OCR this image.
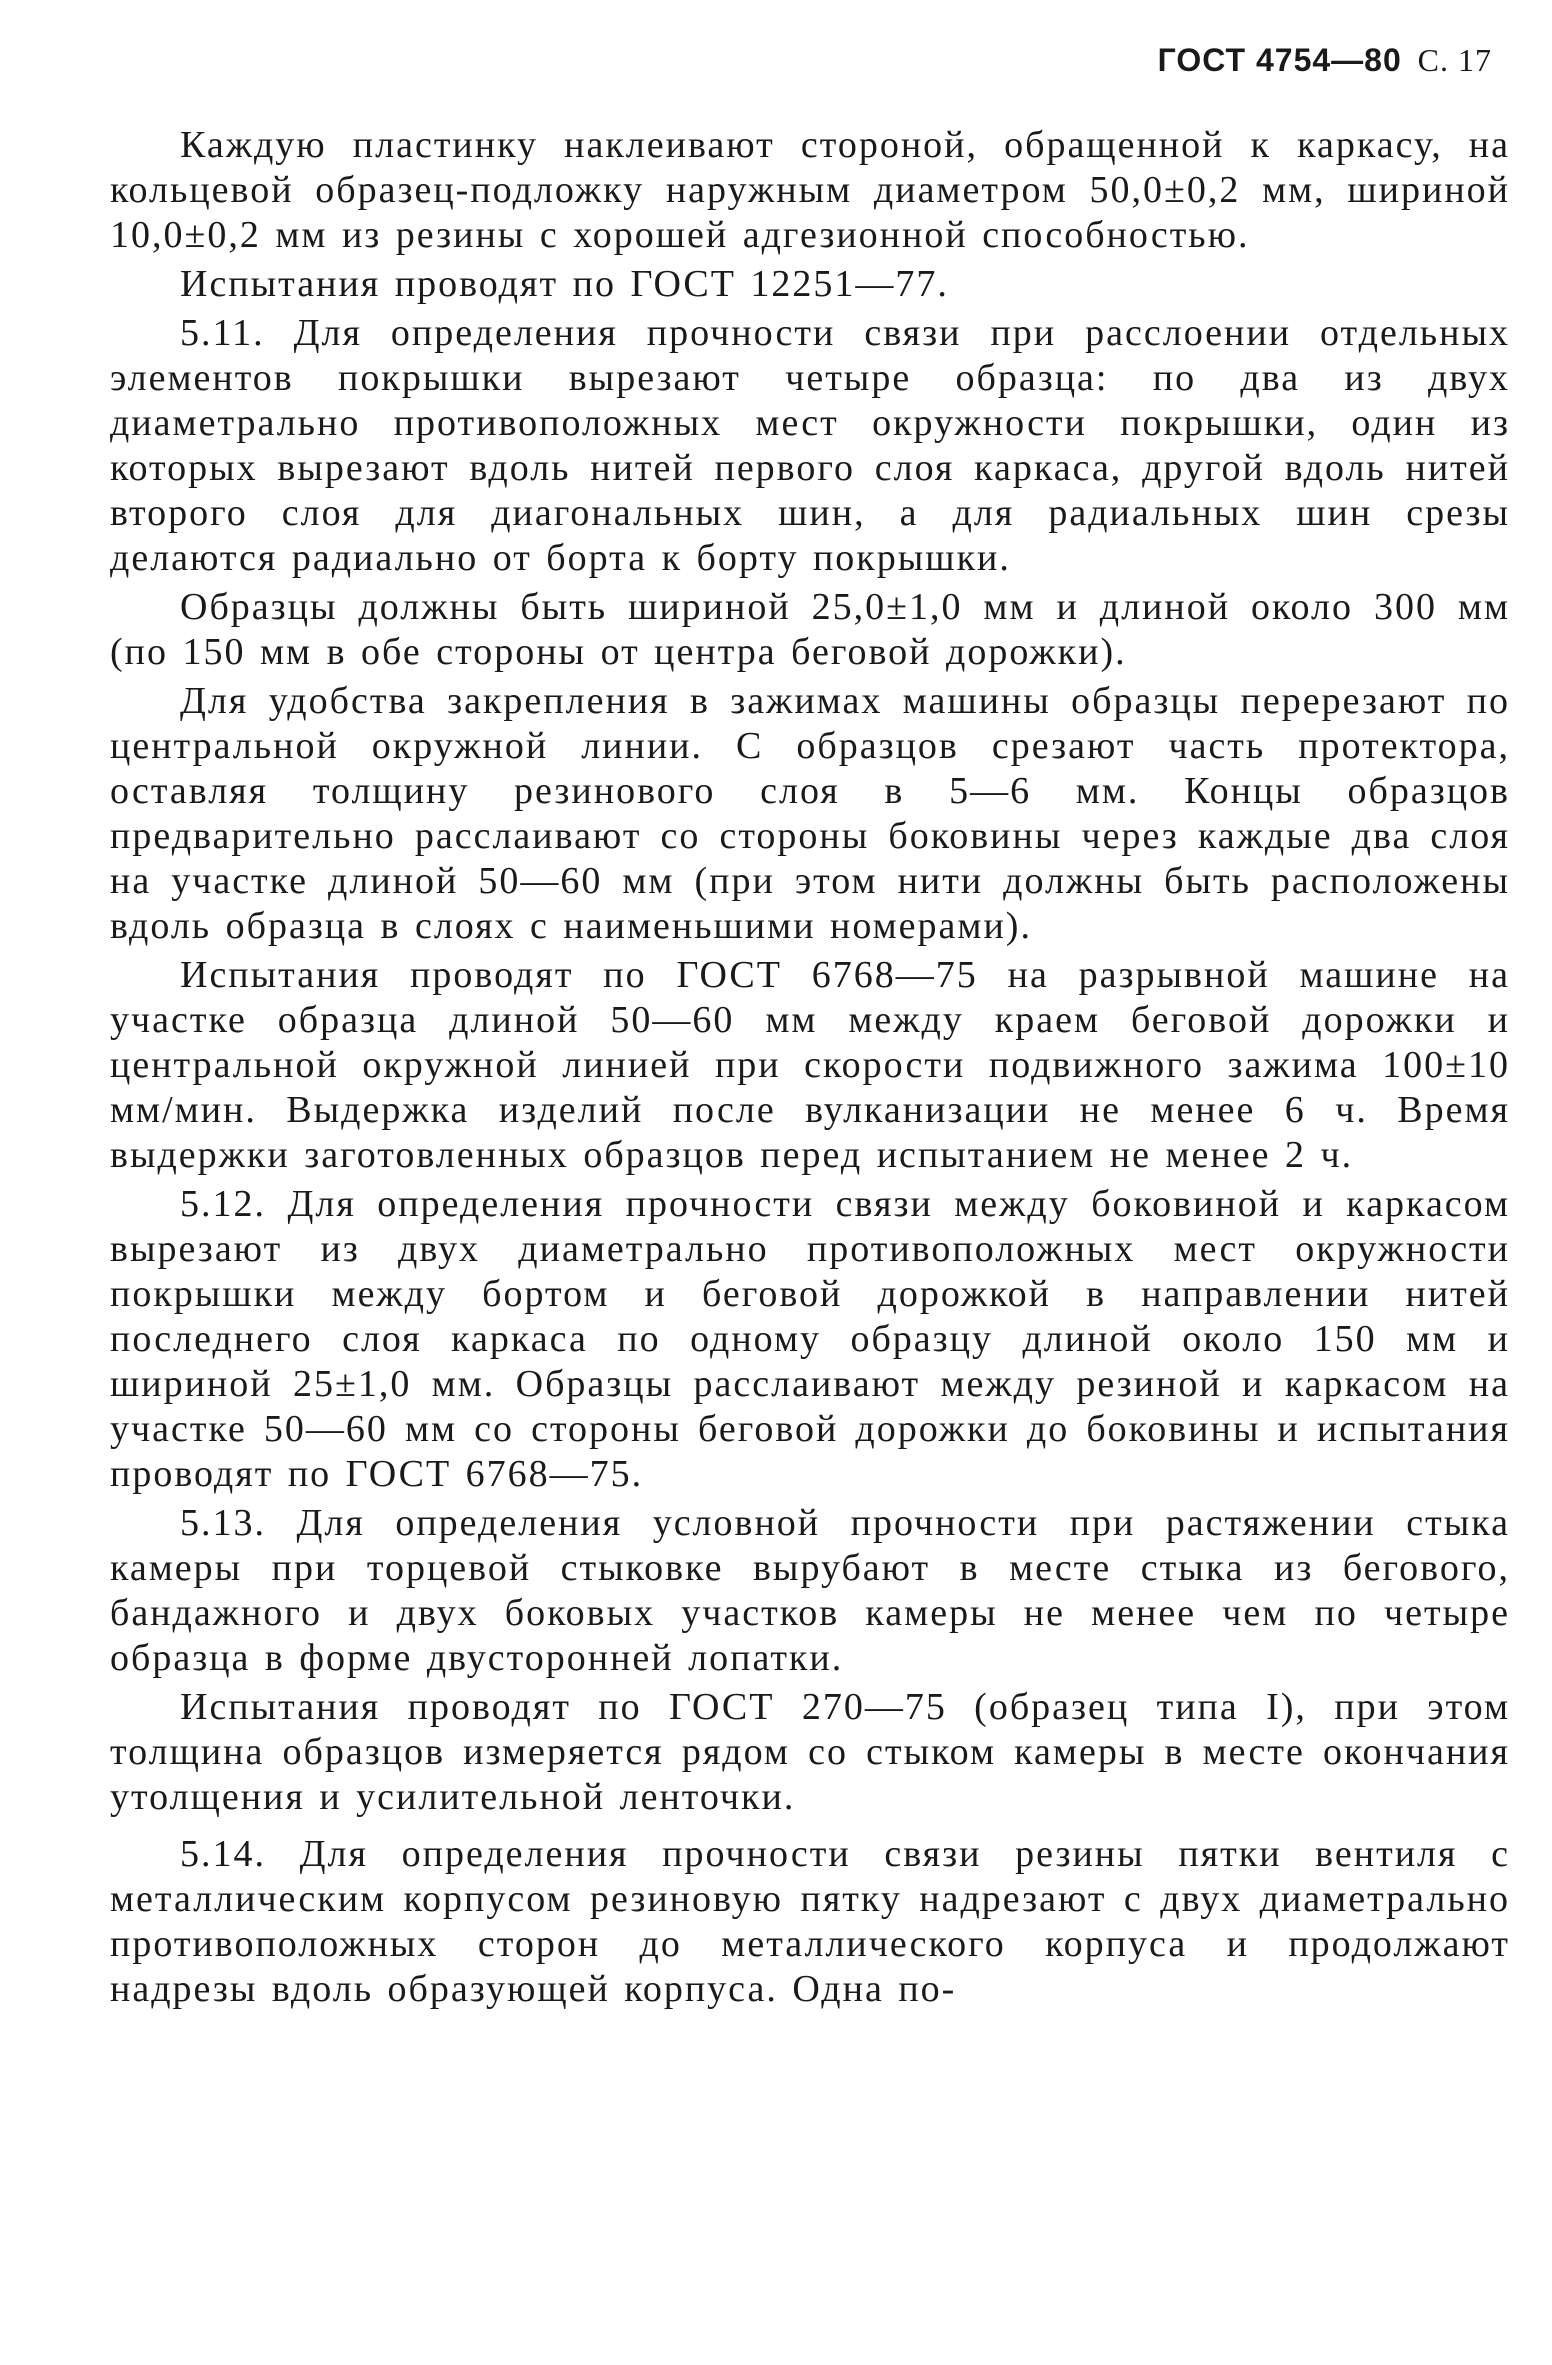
ГОСТ 4754—80 С. 17

Каждую пластинку наклеивают стороной, обращенной к каркасу, на кольцевой образец-подложку наружным диаметром 50,0±0,2 мм, шириной 10,0±0,2 мм из резины с хорошей адгезионной способностью.

Испытания проводят по ГОСТ 12251—77.

5.11. Для определения прочности связи при расслоении отдельных элементов покрышки вырезают четыре образца: по два из двух диаметрально противоположных мест окружности покрышки, один из которых вырезают вдоль нитей первого слоя каркаса, другой вдоль нитей второго слоя для диагональных шин, а для радиальных шин срезы делаются радиально от борта к борту покрышки.

Образцы должны быть шириной 25,0±1,0 мм и длиной около 300 мм (по 150 мм в обе стороны от центра беговой дорожки).

Для удобства закрепления в зажимах машины образцы перерезают по центральной окружной линии. С образцов срезают часть протектора, оставляя толщину резинового слоя в 5—6 мм. Концы образцов предварительно расслаивают со стороны боковины через каждые два слоя на участке длиной 50—60 мм (при этом нити должны быть расположены вдоль образца в слоях с наименьшими номерами).

Испытания проводят по ГОСТ 6768—75 на разрывной машине на участке образца длиной 50—60 мм между краем беговой дорожки и центральной окружной линией при скорости подвижного зажима 100±10 мм/мин. Выдержка изделий после вулканизации не менее 6 ч. Время выдержки заготовленных образцов перед испытанием не менее 2 ч.

5.12. Для определения прочности связи между боковиной и каркасом вырезают из двух диаметрально противоположных мест окружности покрышки между бортом и беговой дорожкой в направлении нитей последнего слоя каркаса по одному образцу длиной около 150 мм и шириной 25±1,0 мм. Образцы расслаивают между резиной и каркасом на участке 50—60 мм со стороны беговой дорожки до боковины и испытания проводят по ГОСТ 6768—75.

5.13. Для определения условной прочности при растяжении стыка камеры при торцевой стыковке вырубают в месте стыка из бегового, бандажного и двух боковых участков камеры не менее чем по четыре образца в форме двусторонней лопатки.

Испытания проводят по ГОСТ 270—75 (образец типа I), при этом толщина образцов измеряется рядом со стыком камеры в месте окончания утолщения и усилительной ленточки.

5.14. Для определения прочности связи резины пятки вентиля с металлическим корпусом резиновую пятку надрезают с двух диаметрально противоположных сторон до металлического корпуса и продолжают надрезы вдоль образующей корпуса. Одна по-
